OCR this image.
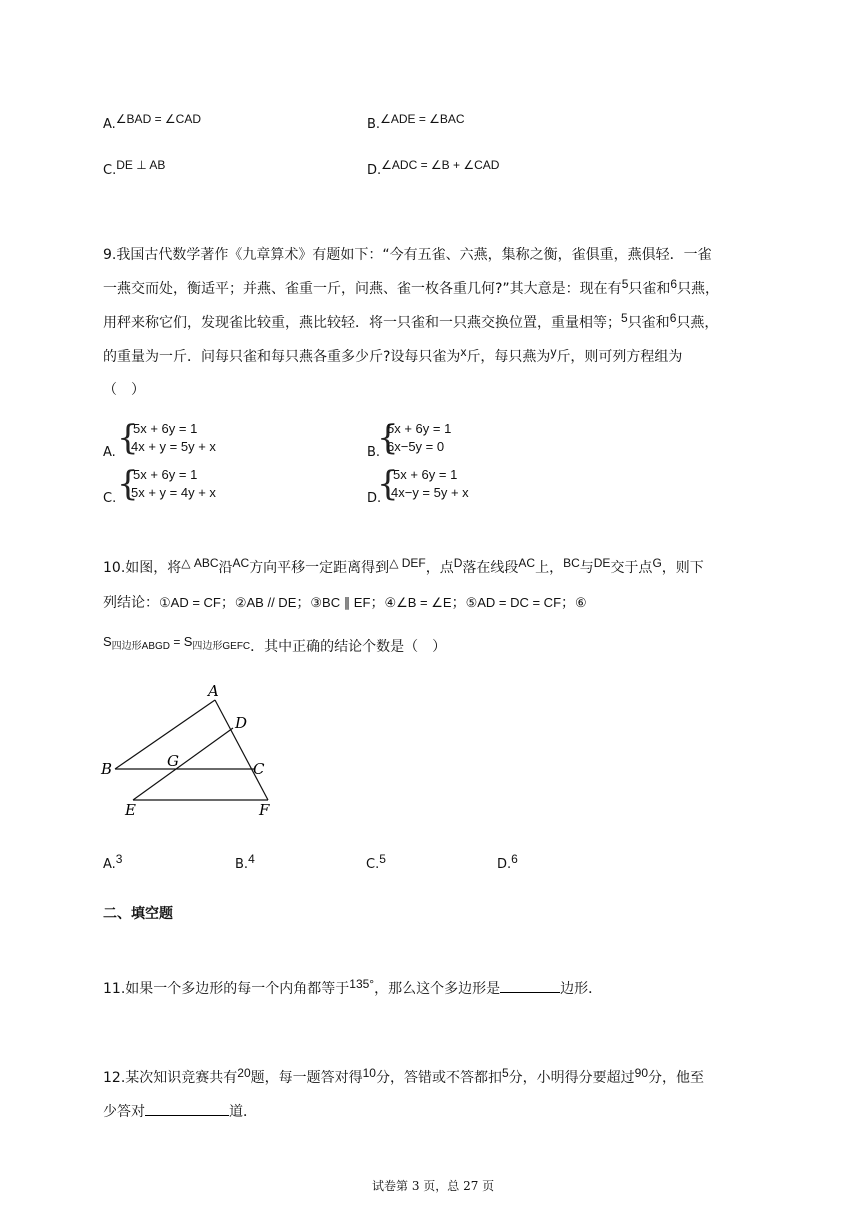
A.∠BAD = ∠CAD	B.∠ADE = ∠BAC
C.DE ⊥ AB	D.∠ADC = ∠B + ∠CAD
9.我国古代数学著作《九章算术》有题如下：“今有五雀、六燕，集称之衡，雀俱重，燕俱轻．一雀
一燕交而处，衡适平；并燕、雀重一斤，问燕、雀一枚各重几何?”其大意是：现在有5只雀和6只燕，
用秤来称它们，发现雀比较重，燕比较轻．将一只雀和一只燕交换位置，重量相等；5只雀和6只燕，
的重量为一斤．问每只雀和每只燕各重多少斤?设每只雀为x斤，每只燕为y斤，则可列方程组为
（　）
A. {
5x + 6y = 1
4x + y = 5y + x	B.
{
5x + 6y = 1
6x−5y = 0
C. {
5x + 6y = 1
5x + y = 4y + x	D.
{
5x + 6y = 1
4x−y = 5y + x
10.如图，将△ ABC沿AC方向平移一定距离得到△ DEF，点D落在线段AC上，BC与DE交于点G，则下
列结论：①AD = CF；②AB // DE；③BC ∥ EF；④∠B = ∠E；⑤AD = DC = CF；⑥
S四边形ABGD = S四边形GEFC．其中正确的结论个数是（　）
A
D
B	G	C
E	F
A.3	B.4	C.5	D.6
二、填空题
11.如果一个多边形的每一个内角都等于135°，那么这个多边形是	边形．
12.某次知识竞赛共有20题，每一题答对得10分，答错或不答都扣5分，小明得分要超过90分，他至
少答对	道．
试卷第 3 页，总 27 页
